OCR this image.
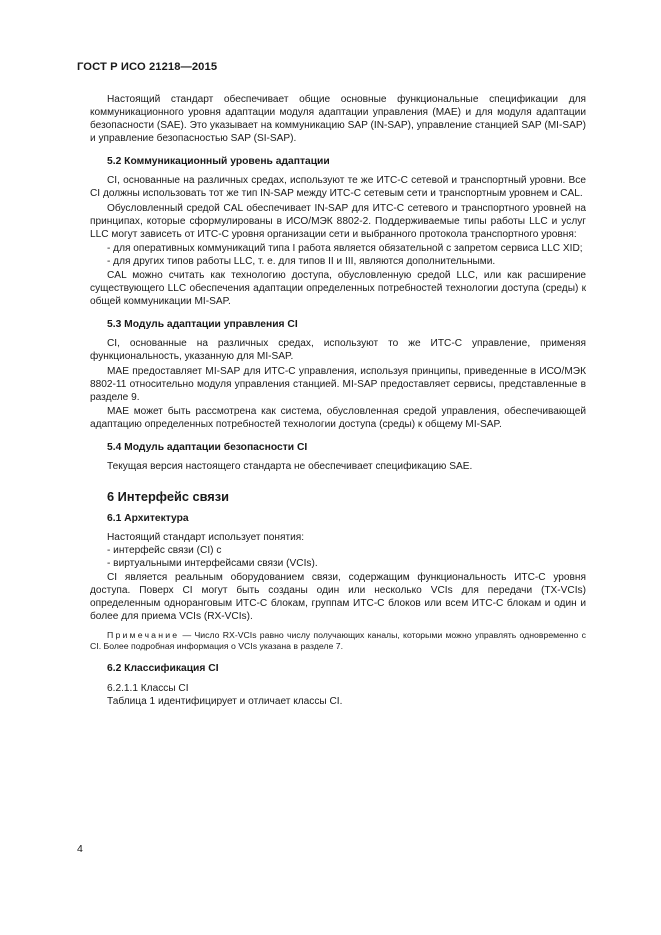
ГОСТ Р ИСО 21218—2015

Настоящий стандарт обеспечивает общие основные функциональные спецификации для коммуникационного уровня адаптации модуля адаптации управления (MAE) и для модуля адаптации безопасности (SAE). Это указывает на коммуникацию SAP (IN-SAP), управление станцией SAP (MI-SAP) и управление безопасностью SAP (SI-SAP).

5.2 Коммуникационный уровень адаптации

CI, основанные на различных средах, используют те же ИТС-С сетевой и транспортный уровни. Все CI должны использовать тот же тип IN-SAP между ИТС-С сетевым сети и транспортным уровнем и CAL.

Обусловленный средой CAL обеспечивает IN-SAP для ИТС-С сетевого и транспортного уровней на принципах, которые сформулированы в ИСО/МЭК 8802-2. Поддерживаемые типы работы LLC и услуг LLC могут зависеть от ИТС-С уровня организации сети и выбранного протокола транспортного уровня:

- для оперативных коммуникаций типа I работа является обязательной с запретом сервиса LLC XID;

- для других типов работы LLC, т. е. для типов II и III, являются дополнительными.

CAL можно считать как технологию доступа, обусловленную средой LLC, или как расширение существующего LLC обеспечения адаптации определенных потребностей технологии доступа (среды) к общей коммуникации MI-SAP.

5.3 Модуль адаптации управления CI

CI, основанные на различных средах, используют то же ИТС-С управление, применяя функциональность, указанную для MI-SAP.

MAE предоставляет MI-SAP для ИТС-С управления, используя принципы, приведенные в ИСО/МЭК 8802-11 относительно модуля управления станцией. MI-SAP предоставляет сервисы, представленные в разделе 9.

MAE может быть рассмотрена как система, обусловленная средой управления, обеспечивающей адаптацию определенных потребностей технологии доступа (среды) к общему MI-SAP.

5.4 Модуль адаптации безопасности CI

Текущая версия настоящего стандарта не обеспечивает спецификацию SAE.

6 Интерфейс связи
6.1 Архитектура

Настоящий стандарт использует понятия:

- интерфейс связи (CI) с

- виртуальными интерфейсами связи (VCIs).

CI является реальным оборудованием связи, содержащим функциональность ИТС-С уровня доступа. Поверх CI могут быть созданы один или несколько VCIs для передачи (TX-VCIs) определенным одноранговым ИТС-С блокам, группам ИТС-С блоков или всем ИТС-С блокам и один и более для приема VCIs (RX-VCIs).

Примечание — Число RX-VCIs равно числу получающих каналы, которыми можно управлять одновременно с CI. Более подробная информация о VCIs указана в разделе 7.

6.2 Классификация CI

6.2.1.1 Классы CI

Таблица 1 идентифицирует и отличает классы CI.

4
